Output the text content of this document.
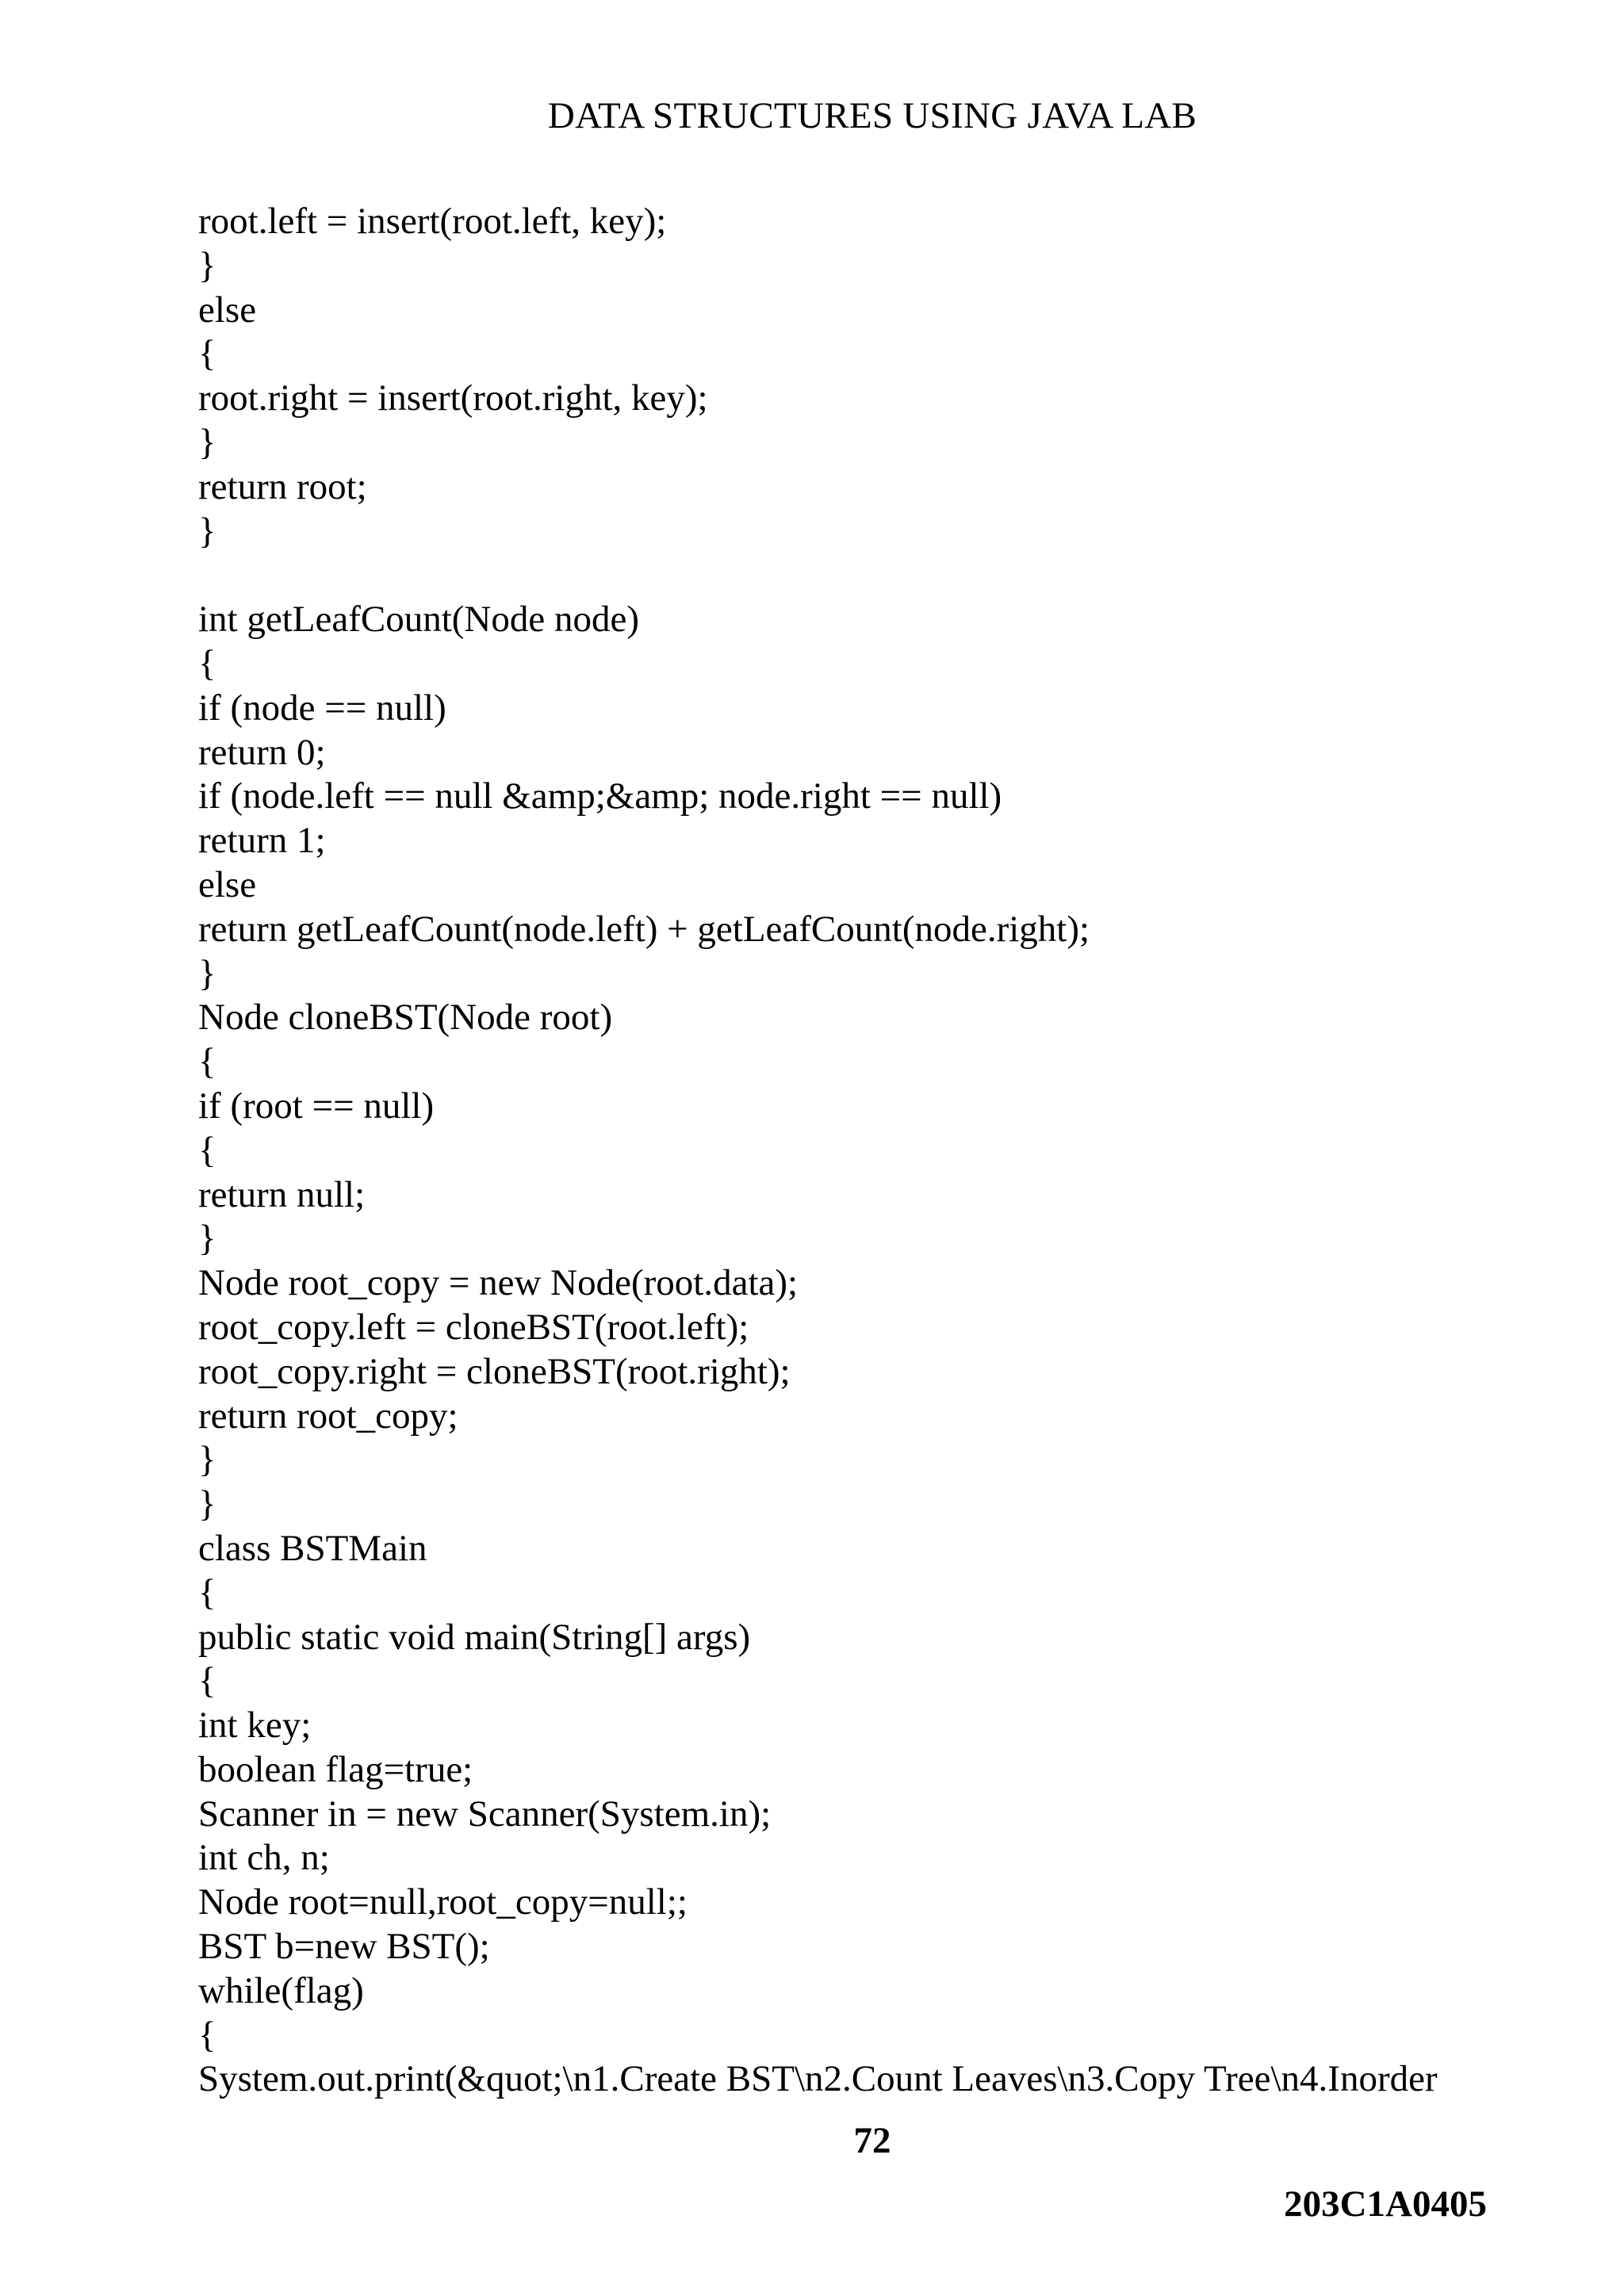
DATA STRUCTURES USING JAVA LAB
root.left = insert(root.left, key);
}
else
{
root.right = insert(root.right, key);
}
return root;
}
int getLeafCount(Node node)
{
if (node == null)
return 0;
if (node.left == null &amp;&amp; node.right == null)
return 1;
else
return getLeafCount(node.left) + getLeafCount(node.right);
}
Node cloneBST(Node root)
{
if (root == null)
{
return null;
}
Node root_copy = new Node(root.data);
root_copy.left = cloneBST(root.left);
root_copy.right = cloneBST(root.right);
return root_copy;
}
}
class BSTMain
{
public static void main(String[] args)
{
int key;
boolean flag=true;
Scanner in = new Scanner(System.in);
int ch, n;
Node root=null,root_copy=null;;
BST b=new BST();
while(flag)
{
System.out.print(&quot;\n1.Create BST\n2.Count Leaves\n3.Copy Tree\n4.Inorder
72
203C1A0405
